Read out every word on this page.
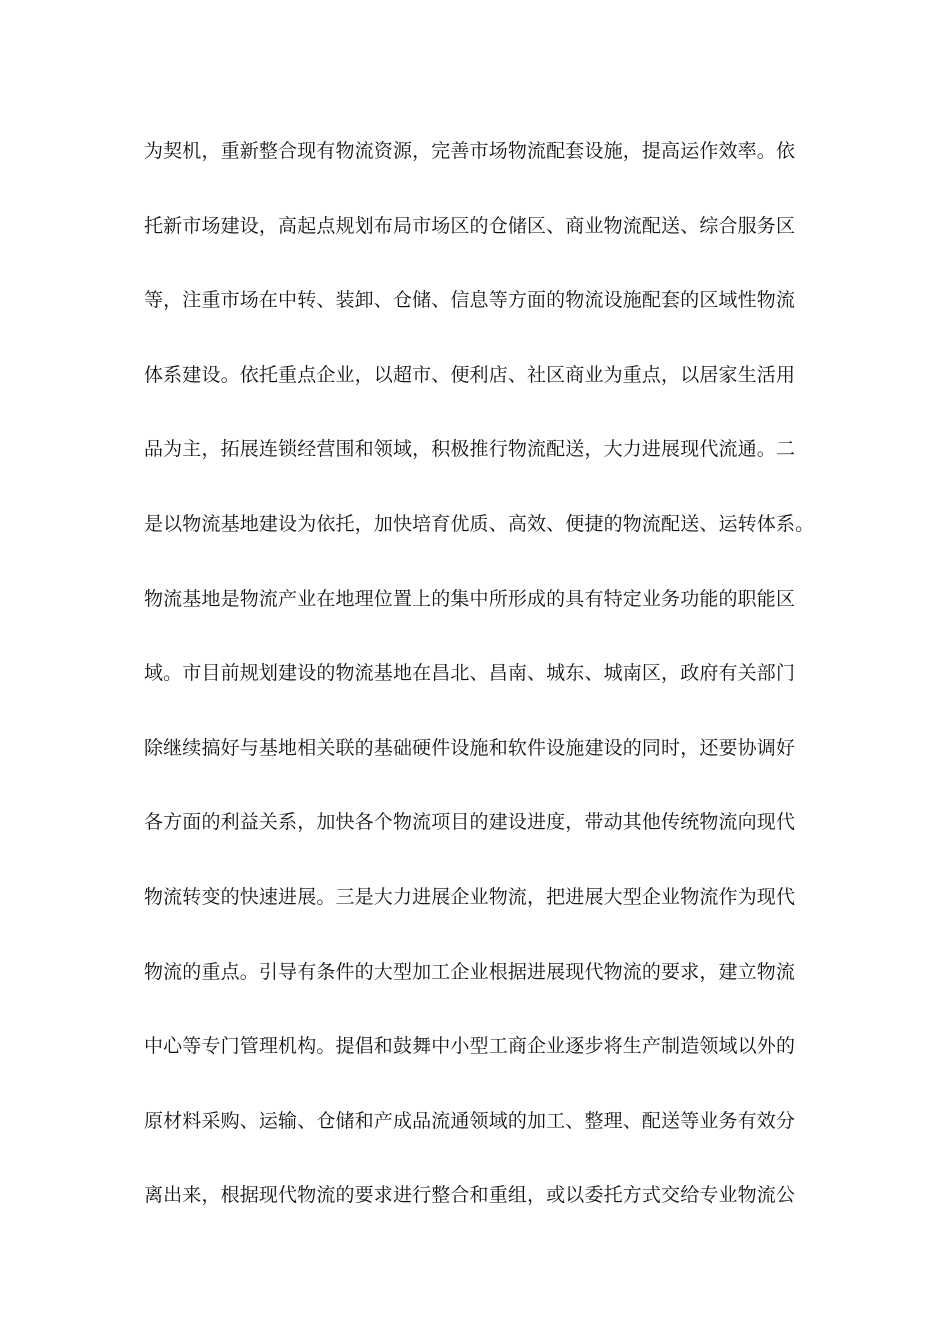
为契机，重新整合现有物流资源，完善市场物流配套设施，提高运作效率。依
托新市场建设，高起点规划布局市场区的仓储区、商业物流配送、综合服务区
等，注重市场在中转、装卸、仓储、信息等方面的物流设施配套的区域性物流
体系建设。依托重点企业，以超市、便利店、社区商业为重点，以居家生活用
品为主，拓展连锁经营围和领域，积极推行物流配送，大力进展现代流通。二
是以物流基地建设为依托，加快培育优质、高效、便捷的物流配送、运转体系。
物流基地是物流产业在地理位置上的集中所形成的具有特定业务功能的职能区
域。市目前规划建设的物流基地在昌北、昌南、城东、城南区，政府有关部门
除继续搞好与基地相关联的基础硬件设施和软件设施建设的同时，还要协调好
各方面的利益关系，加快各个物流项目的建设进度，带动其他传统物流向现代
物流转变的快速进展。三是大力进展企业物流，把进展大型企业物流作为现代
物流的重点。引导有条件的大型加工企业根据进展现代物流的要求，建立物流
中心等专门管理机构。提倡和鼓舞中小型工商企业逐步将生产制造领域以外的
原材料采购、运输、仓储和产成品流通领域的加工、整理、配送等业务有效分
离出来，根据现代物流的要求进行整合和重组，或以委托方式交给专业物流公
